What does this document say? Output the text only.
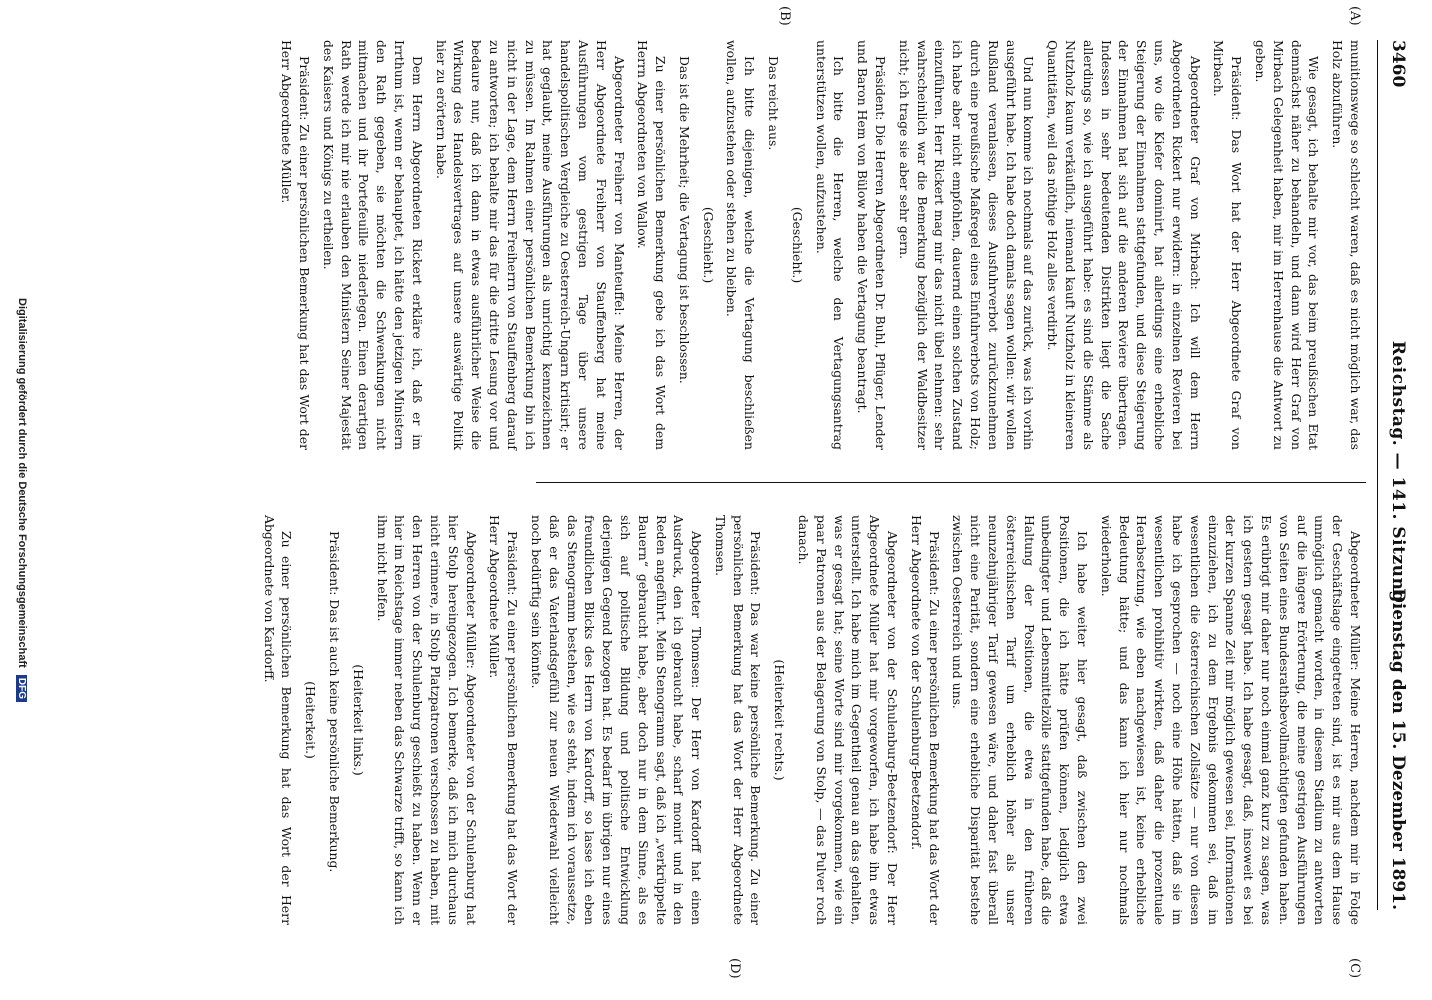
3460
Reichstag. — 141. Sitzung.
Dienstag den 15. Dezember 1891.
(A)
(B)
(C)
(D)

munitionswege so schlecht waren, daß es nicht möglich war, das Holz abzuführen.

Wie gesagt, ich behalte mir vor, das beim preußischen Etat demnächst näher zu behandeln, und dann wird Herr Graf von Mirbach Gelegenheit haben, mir im Herrenhause die Antwort zu geben.

Präsident: Das Wort hat der Herr Abgeordnete Graf von Mirbach.

Abgeordneter Graf von Mirbach: Ich will dem Herrn Abgeordneten Rickert nur erwidern: in einzelnen Revieren bei uns, wo die Kiefer dominirt, hat allerdings eine erhebliche Steigerung der Einnahmen stattgefunden, und diese Steigerung der Einnahmen hat sich auf die anderen Reviere übertragen. Indessen in sehr bedeutenden Distrikten liegt die Sache allerdings so, wie ich ausgeführt habe: es sind die Stämme als Nutzholz kaum verkäuflich, niemand kauft Nutzholz in kleineren Quantitäten, weil das nöthige Holz alles verdirbt.

Und nun komme ich nochmals auf das zurück, was ich vorhin ausgeführt habe. Ich habe doch damals sagen wollen: wir wollen Rußland veranlassen, dieses Ausfuhrverbot zurückzunehmen durch eine preußische Maßregel eines Einfuhrverbots von Holz; ich habe aber nicht empfohlen, dauernd einen solchen Zustand einzuführen. Herr Rickert mag mir das nicht übel nehmen: sehr wahrscheinlich war die Bemerkung bezüglich der Waldbesitzer nicht; ich trage sie aber sehr gern.

Präsident: Die Herren Abgeordneten Dr. Buhl, Pflüger, Lender und Baron Hem von Bülow haben die Vertagung beantragt.

Ich bitte die Herren, welche den Vertagungsantrag unterstützen wollen, aufzustehen.

(Geschieht.)

Das reicht aus.

Ich bitte diejenigen, welche die Vertagung beschließen wollen, aufzustehen oder stehen zu bleiben.

(Geschieht.)

Das ist die Mehrheit; die Vertagung ist beschlossen.

Zu einer persönlichen Bemerkung gebe ich das Wort dem Herrn Abgeordneten von Wallow.

Abgeordneter Freiherr von Manteuffel: Meine Herren, der Herr Abgeordnete Freiherr von Stauffenberg hat meine Ausführungen vom gestrigen Tage über unsere handelspolitischen Vergleiche zu Oesterreich-Ungarn kritisirt; er hat geglaubt, meine Ausführungen als unrichtig kennzeichnen zu müssen. Im Rahmen einer persönlichen Bemerkung bin ich nicht in der Lage, dem Herrn Freiherrn von Stauffenberg darauf zu antworten; ich behalte mir das für die dritte Lesung vor und bedaure nur, daß ich dann in etwas ausführlicher Weise die Wirkung des Handelsvertrages auf unsere auswärtige Politik hier zu erörtern habe.

Dem Herrn Abgeordneten Rickert erkläre ich, daß er im Irrthum ist, wenn er behauptet, ich hätte den jetzigen Ministern den Rath gegeben, sie möchten die Schwenkungen nicht mitmachen und ihr Portefeuille niederlegen. Einen derartigen Rath werde ich mir nie erlauben den Ministern Seiner Majestät des Kaisers und Königs zu ertheilen.

Präsident: Zu einer persönlichen Bemerkung hat das Wort der Herr Abgeordnete Müller.

Abgeordneter Müller: Meine Herren, nachdem mir in Folge der Geschäftslage eingetreten sind, ist es mir aus dem Hause unmöglich gemacht worden, in diesem Stadium zu antworten auf die längere Erörterung, die meine gestrigen Ausführungen von Seiten eines Bundesrathsbevollmächtigten gefunden haben. Es erübrigt mir daher nur noch einmal ganz kurz zu sagen, was ich gestern gesagt habe. Ich habe gesagt, daß, insoweit es bei der kurzen Spanne Zeit mir möglich gewesen sei, Informationen einzuziehen, ich zu dem Ergebnis gekommen sei, daß im wesentlichen die österreichischen Zollsätze — nur von diesen habe ich gesprochen — noch eine Höhe hätten, daß sie im wesentlichen prohibitiv wirkten, daß daher die prozentuale Herabsetzung, wie eben nachgewiesen ist, keine erhebliche Bedeutung hätte; und das kann ich hier nur nochmals wiederholen.

Ich habe weiter hier gesagt, daß zwischen den zwei Positionen, die ich hätte prüfen können, lediglich etwa unbedingter und Lebensmittelzölle stattgefunden habe, daß die Haltung der Positionen, die etwa in den früheren österreichischen Tarif um erheblich höher als unser neunzehnjähriger Tarif gewesen wäre, und daher fast überall nicht eine Parität, sondern eine erhebliche Disparität bestehe zwischen Oesterreich und uns.

Präsident: Zu einer persönlichen Bemerkung hat das Wort der Herr Abgeordnete von der Schulenburg-Beetzendorf.

Abgeordneter von der Schulenburg-Beetzendorf: Der Herr Abgeordnete Müller hat mir vorgeworfen, ich habe ihn etwas unterstellt. Ich habe mich im Gegentheil genau an das gehalten, was er gesagt hat; seine Worte sind mir vorgekommen, wie ein paar Patronen aus der Belagerung von Stolp, — das Pulver roch danach.

(Heiterkeit rechts.)

Präsident: Das war keine persönliche Bemerkung. Zu einer persönlichen Bemerkung hat das Wort der Herr Abgeordnete Thomsen.

Abgeordneter Thomsen: Der Herr von Kardorff hat einen Ausdruck, den ich gebraucht habe, scharf monirt und in den Reden angeführt. Mein Stenogramm sagt, daß ich „verkrüppelte Bauern“ gebraucht habe, aber doch nur in dem Sinne, als es sich auf politische Bildung und politische Entwicklung derjenigen Gegend bezogen hat. Es bedarf im übrigen nur eines freundlichen Blicks des Herrn von Kardorff, so lasse ich eben das Stenogramm bestehen, wie es steht, indem ich voraussetze, daß er das Vaterlandsgefühl zur neuen Wiederwahl vielleicht noch bedürftig sein könnte.

Präsident: Zu einer persönlichen Bemerkung hat das Wort der Herr Abgeordnete Müller.

Abgeordneter Müller: Abgeordneter von der Schulenburg hat hier Stolp hereingezogen. Ich bemerke, daß ich mich durchaus nicht erinnere, in Stolp Platzpatronen verschossen zu haben, mit den Herren von der Schulenburg geschießt zu haben. Wenn er hier im Reichstage immer neben das Schwarze trifft, so kann ich ihm nicht helfen.

(Heiterkeit links.)

Präsident: Das ist auch keine persönliche Bemerkung.

(Heiterkeit.)

Zu einer persönlichen Bemerkung hat das Wort der Herr Abgeordnete von Kardorff.

Digitalisierung gefördert durch die Deutsche Forschungsgemeinschaft DFG
